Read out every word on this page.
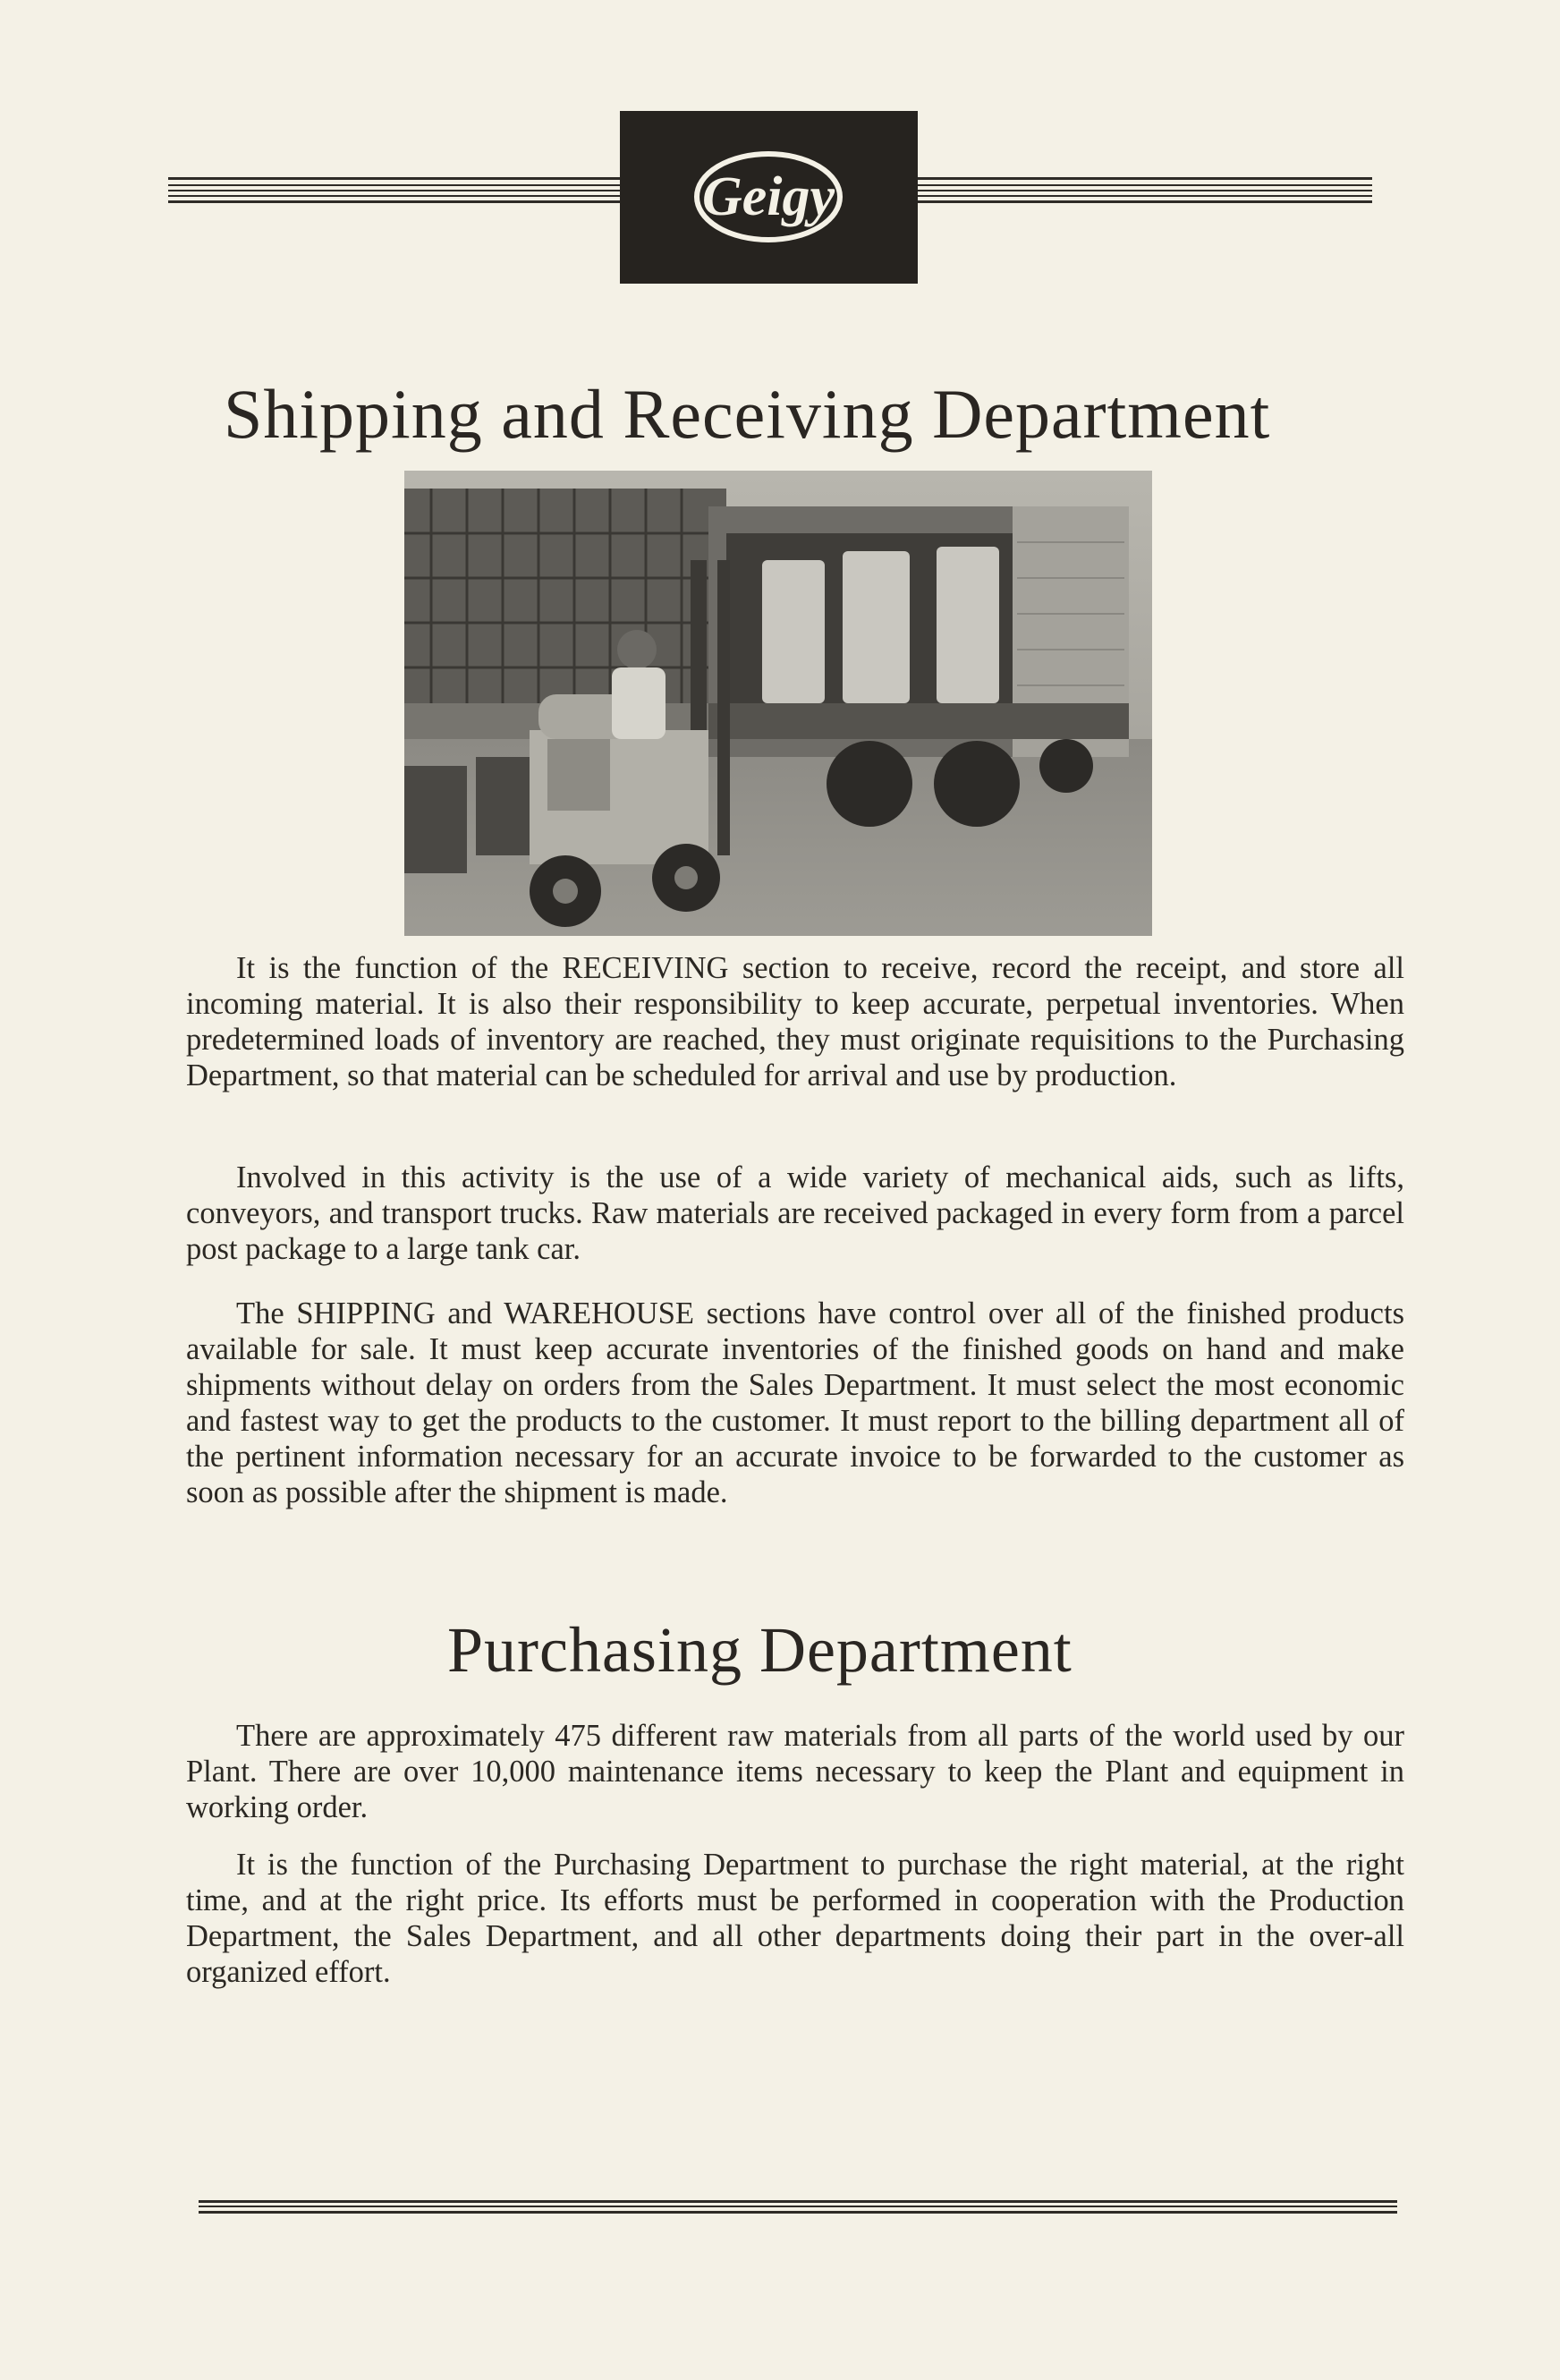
Geigy
Shipping and Receiving Department

It is the function of the RECEIVING section to receive, record the receipt, and store all incoming material. It is also their responsibility to keep accurate, perpetual inventories. When predetermined loads of inventory are reached, they must originate requisitions to the Purchasing Department, so that material can be scheduled for arrival and use by production.

Involved in this activity is the use of a wide variety of mechanical aids, such as lifts, conveyors, and transport trucks. Raw materials are received packaged in every form from a parcel post package to a large tank car.

The SHIPPING and WAREHOUSE sections have control over all of the finished products available for sale. It must keep accurate inventories of the finished goods on hand and make shipments without delay on orders from the Sales Department. It must select the most economic and fastest way to get the products to the customer. It must report to the billing department all of the pertinent information necessary for an accurate invoice to be forwarded to the customer as soon as possible after the shipment is made.

Purchasing Department

There are approximately 475 different raw materials from all parts of the world used by our Plant. There are over 10,000 maintenance items necessary to keep the Plant and equipment in working order.

It is the function of the Purchasing Department to purchase the right material, at the right time, and at the right price. Its efforts must be performed in cooperation with the Production Department, the Sales Department, and all other departments doing their part in the over-all organized effort.
